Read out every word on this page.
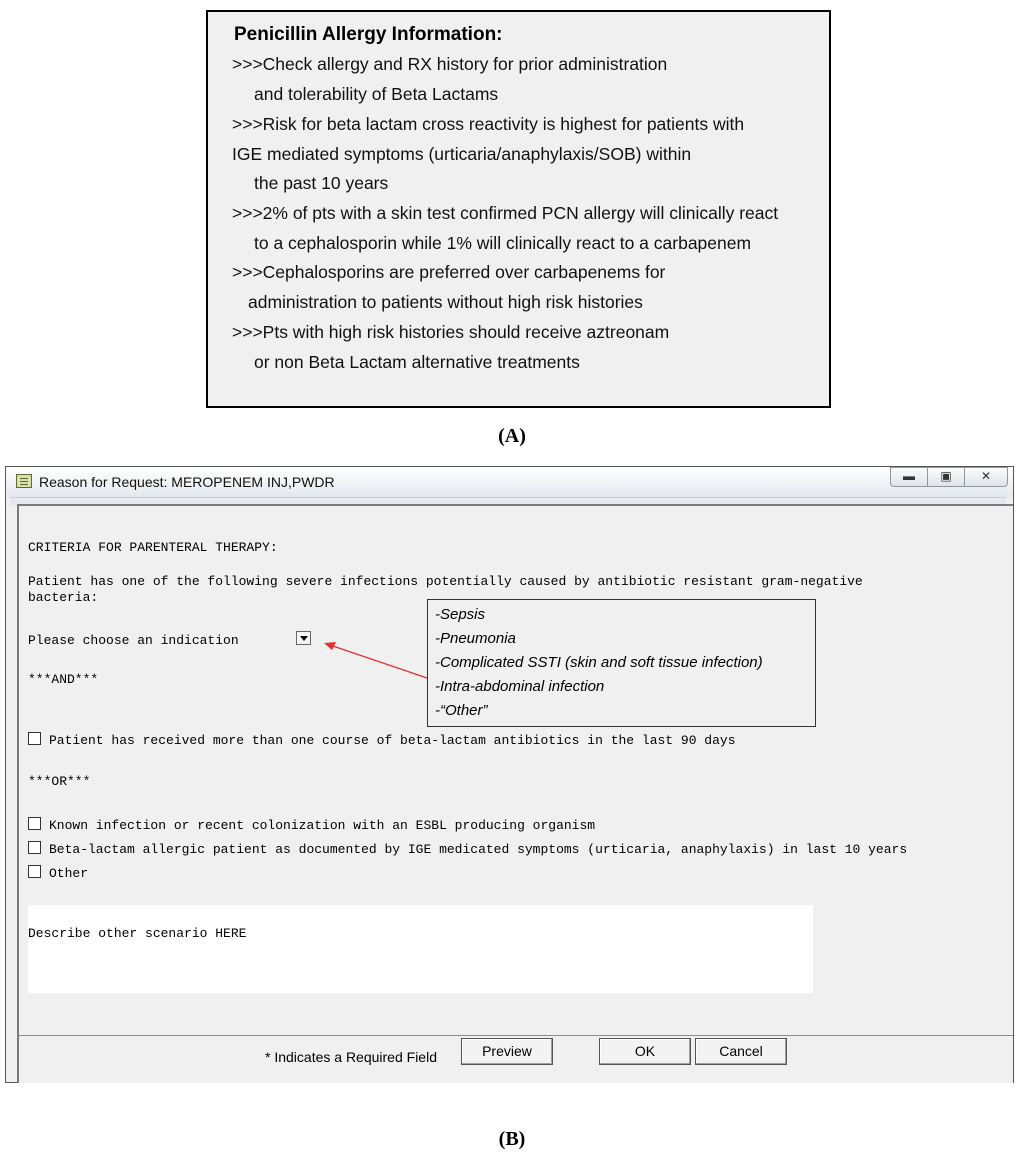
Penicillin Allergy Information:
>>>Check allergy and RX history for prior administration
and tolerability of Beta Lactams
>>>Risk for beta lactam cross reactivity is highest for patients with
IGE mediated symptoms (urticaria/anaphylaxis/SOB) within
the past 10 years
>>>2% of pts with a skin test confirmed PCN allergy will clinically react
to a cephalosporin while 1% will clinically react to a carbapenem
>>>Cephalosporins are preferred over carbapenems for
administration to patients without high risk histories
>>>Pts with high risk histories should receive aztreonam
or non Beta Lactam alternative treatments
(A)
Reason for Request: MEROPENEM INJ,PWDR	▬	▣	✕
CRITERIA FOR PARENTERAL THERAPY:
Patient has one of the following severe infections potentially caused by antibiotic resistant gram-negative
bacteria:
Please choose an indication
***AND***
Patient has received more than one course of beta-lactam antibiotics in the last 90 days
***OR***
Known infection or recent colonization with an ESBL producing organism
Beta-lactam allergic patient as documented by IGE medicated symptoms (urticaria, anaphylaxis) in last 10 years
Other
Describe other scenario HERE
* Indicates a Required Field	Preview	OK	Cancel
-Sepsis
-Pneumonia
-Complicated SSTI (skin and soft tissue infection)
-Intra-abdominal infection
-“Other”
(B)
